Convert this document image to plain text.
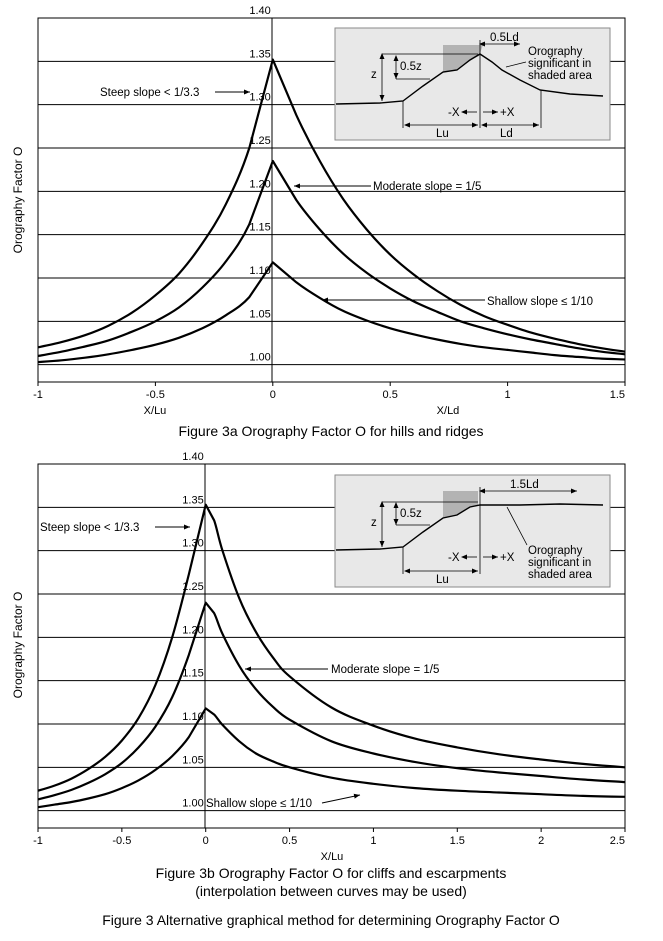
1.40
1.35
1.30
1.25
1.20
1.15
1.10
1.05
1.00
-1	-0.5	0	0.5	1	1.5
Orography Factor O
X/Lu	X/Ld
Figure 3a Orography Factor O for hills and ridges
Steep slope < 1/3.3
Moderate slope = 1/5
Shallow slope ≤ 1/10
z
0.5z
0.5Ld
-X	+X
Lu	Ld
Orography
significant in
shaded area
1.40
1.35
1.30
1.25
1.20
1.15
1.10
1.05
1.00
-1	-0.5	0	0.5	1	1.5	2	2.5
Orography Factor O
X/Lu
Figure 3b Orography Factor O for cliffs and escarpments
(interpolation between curves may be used)
Steep slope < 1/3.3
Moderate slope = 1/5
Shallow slope ≤ 1/10
z
0.5z
1.5Ld
-X	+X
Lu
Orography
significant in
shaded area
Figure 3 Alternative graphical method for determining Orography Factor O
